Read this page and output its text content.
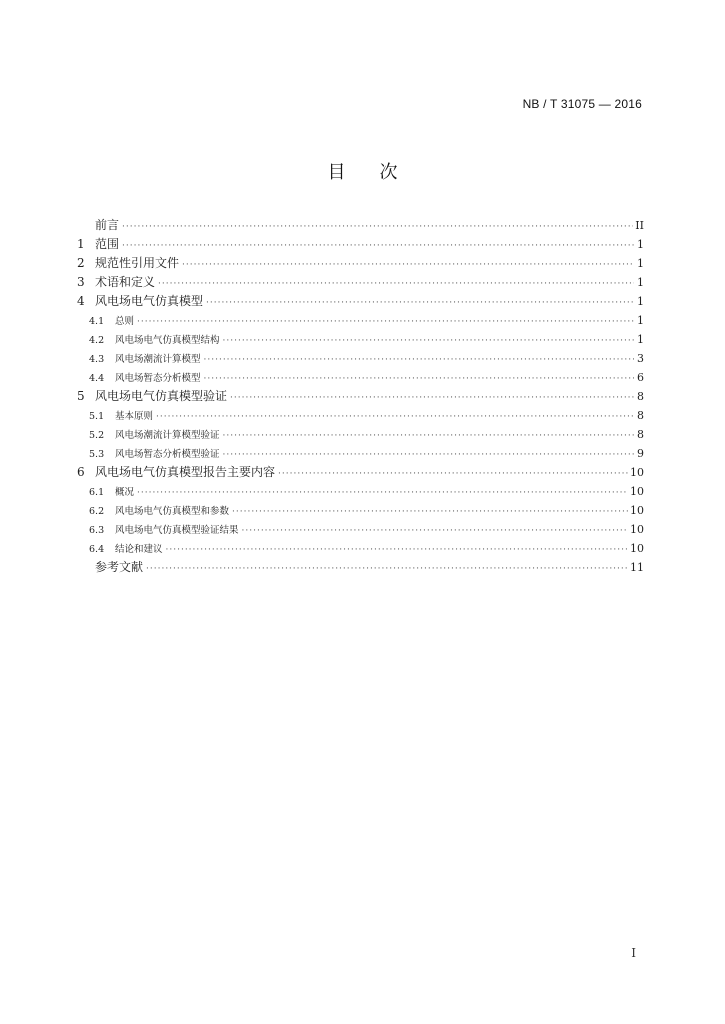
NB / T 31075 — 2016
目次
前言 ·····	II
1 范围 ·····	1
2 规范性引用文件 ·····	1
3 术语和定义 ·····	1
4 风电场电气仿真模型 ·····	1
4.1	总则 ·····	1
4.2	风电场电气仿真模型结构 ·····	1
4.3	风电场潮流计算模型 ·····	3
4.4	风电场暂态分析模型 ·····	6
5 风电场电气仿真模型验证 ·····	8
5.1	基本原则 ·····	8
5.2	风电场潮流计算模型验证 ·····	8
5.3	风电场暂态分析模型验证 ·····	9
6 风电场电气仿真模型报告主要内容 ·····	10
6.1	概况 ·····	10
6.2	风电场电气仿真模型和参数 ·····	10
6.3	风电场电气仿真模型验证结果 ·····	10
6.4	结论和建议 ·····	10
参考文献 ·····	11
I
